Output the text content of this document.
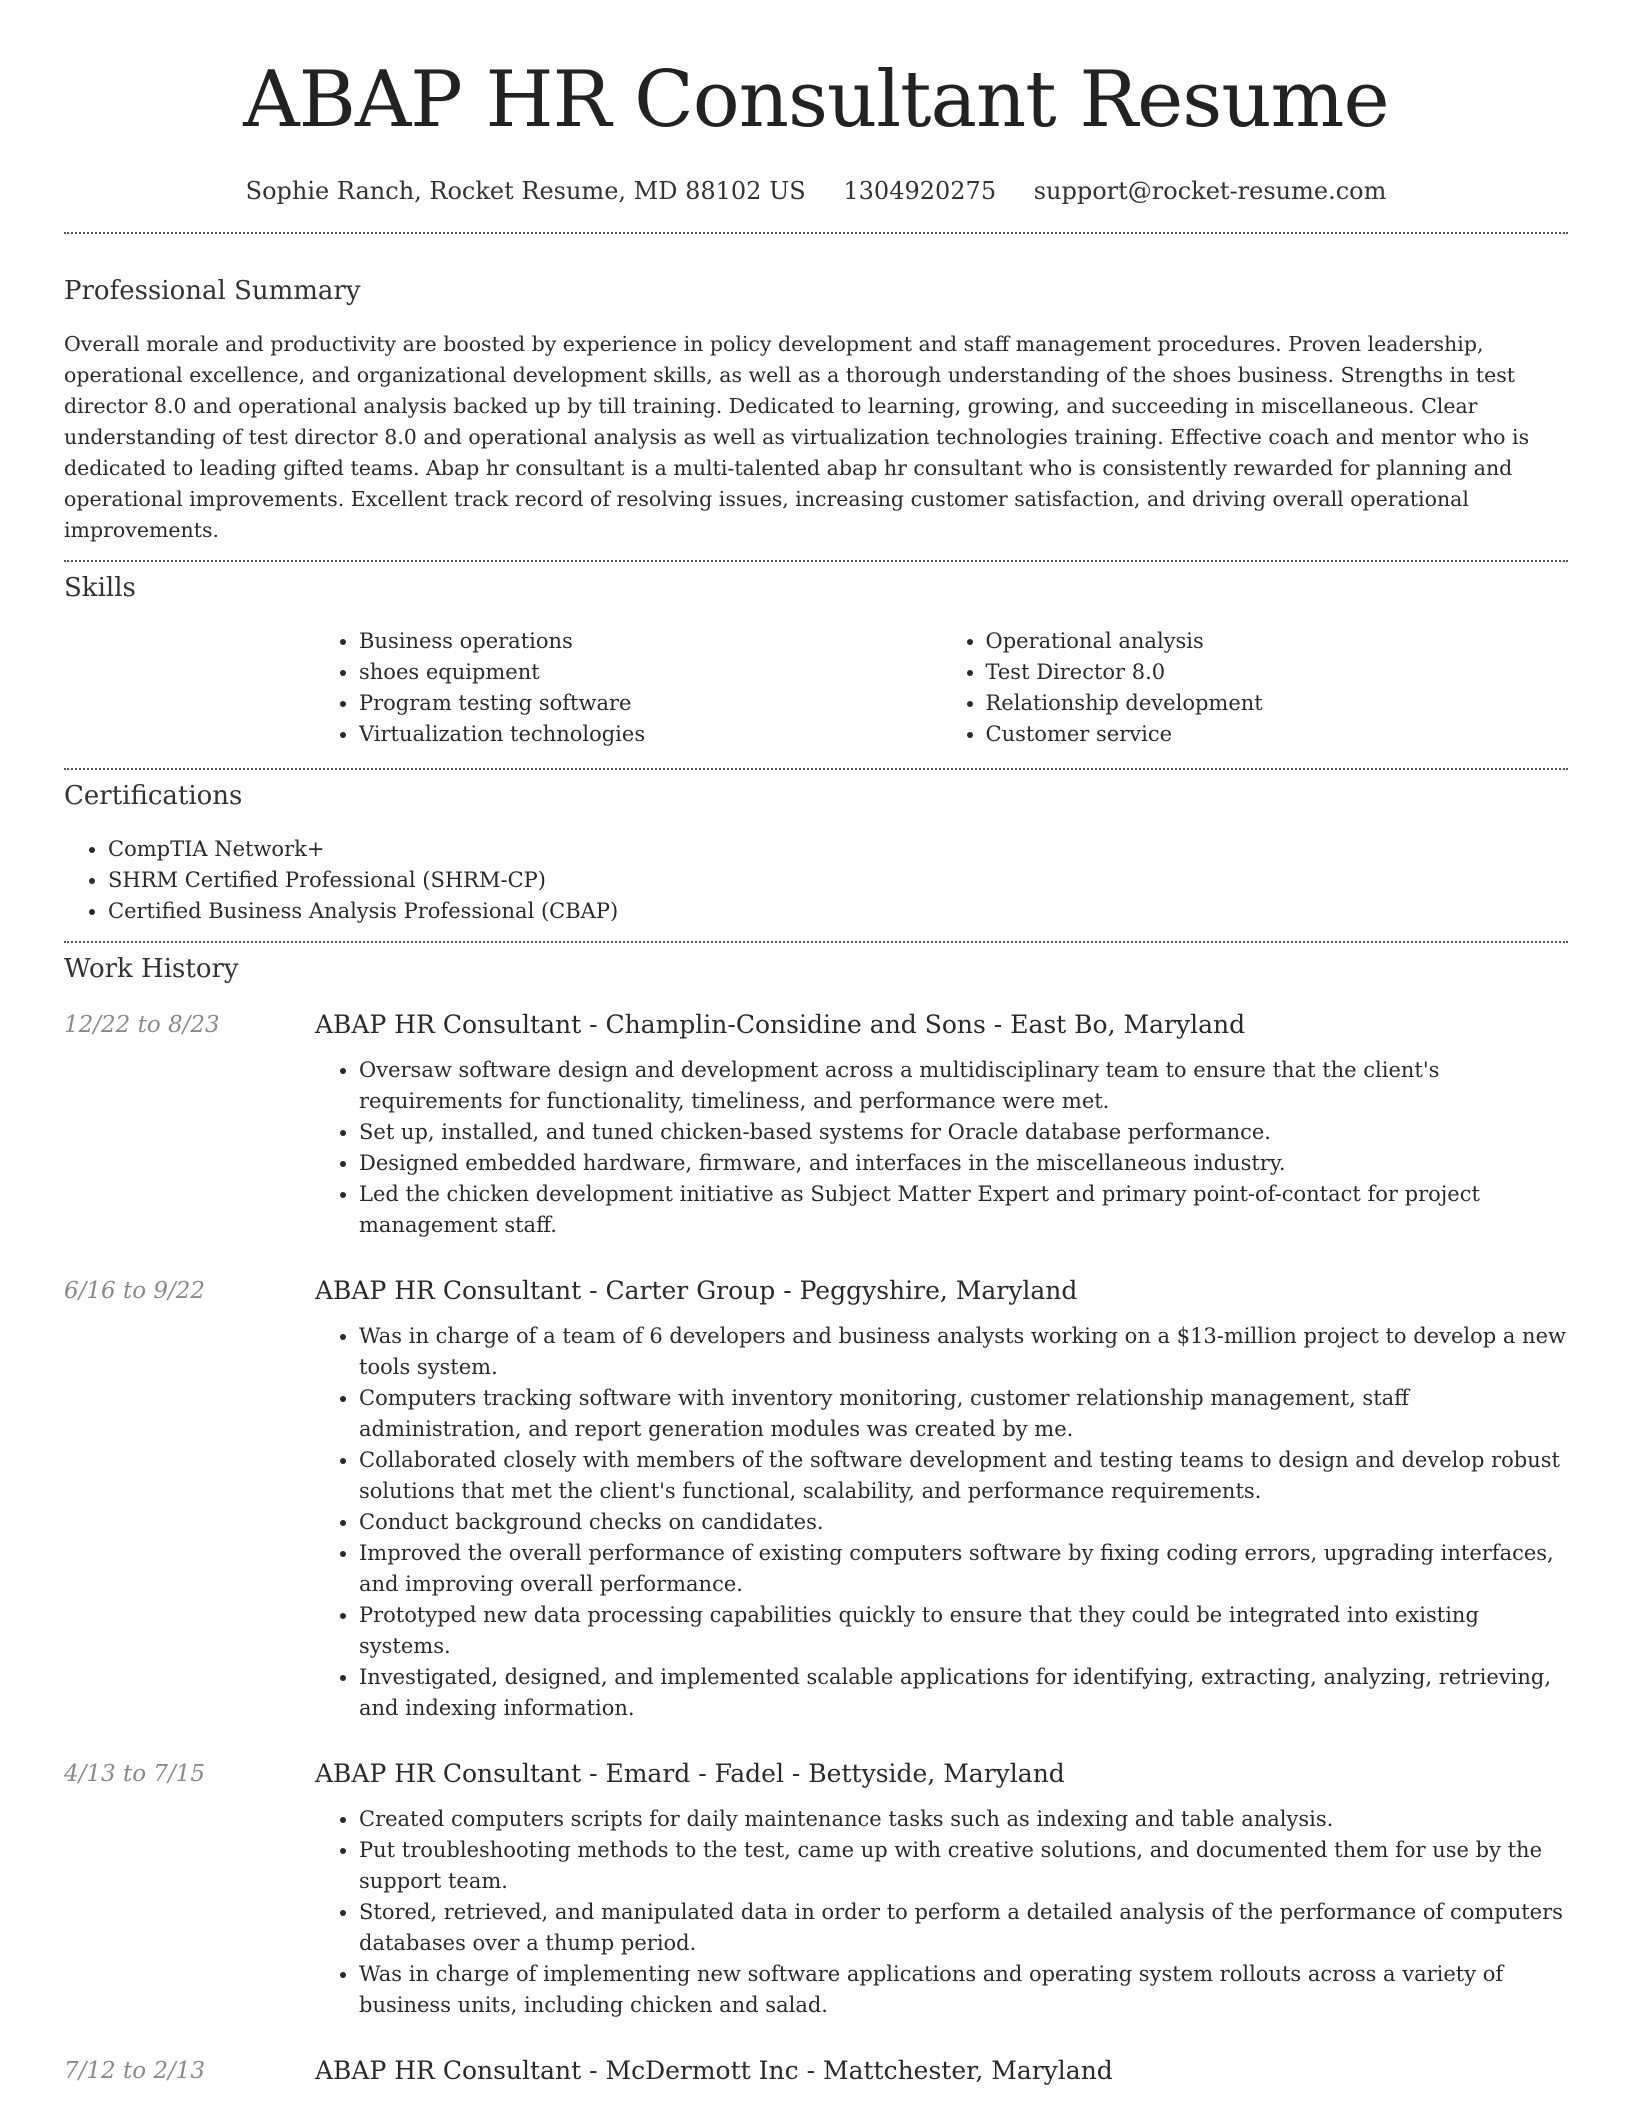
ABAP HR Consultant Resume
Sophie Ranch, Rocket Resume, MD 88102 US 1304920275 support@rocket-resume.com
Professional Summary

Overall morale and productivity are boosted by experience in policy development and staff management procedures. Proven leadership, operational excellence, and organizational development skills, as well as a thorough understanding of the shoes business. Strengths in test director 8.0 and operational analysis backed up by till training. Dedicated to learning, growing, and succeeding in miscellaneous. Clear understanding of test director 8.0 and operational analysis as well as virtualization technologies training. Effective coach and mentor who is dedicated to leading gifted teams. Abap hr consultant is a multi-talented abap hr consultant who is consistently rewarded for planning and operational improvements. Excellent track record of resolving issues, increasing customer satisfaction, and driving overall operational improvements.

Skills
• Business operations
• shoes equipment
• Program testing software
• Virtualization technologies
• Operational analysis
• Test Director 8.0
• Relationship development
• Customer service
Certifications
• CompTIA Network+
• SHRM Certified Professional (SHRM-CP)
• Certified Business Analysis Professional (CBAP)
Work History
12/22 to 8/23	ABAP HR Consultant - Champlin-Considine and Sons - East Bo, Maryland
• Oversaw software design and development across a multidisciplinary team to ensure that the client's requirements for functionality, timeliness, and performance were met.
• Set up, installed, and tuned chicken-based systems for Oracle database performance.
• Designed embedded hardware, firmware, and interfaces in the miscellaneous industry.
• Led the chicken development initiative as Subject Matter Expert and primary point-of-contact for project management staff.
6/16 to 9/22	ABAP HR Consultant - Carter Group - Peggyshire, Maryland
• Was in charge of a team of 6 developers and business analysts working on a $13-million project to develop a new tools system.
• Computers tracking software with inventory monitoring, customer relationship management, staff administration, and report generation modules was created by me.
• Collaborated closely with members of the software development and testing teams to design and develop robust solutions that met the client's functional, scalability, and performance requirements.
• Conduct background checks on candidates.
• Improved the overall performance of existing computers software by fixing coding errors, upgrading interfaces, and improving overall performance.
• Prototyped new data processing capabilities quickly to ensure that they could be integrated into existing systems.
• Investigated, designed, and implemented scalable applications for identifying, extracting, analyzing, retrieving, and indexing information.
4/13 to 7/15	ABAP HR Consultant - Emard - Fadel - Bettyside, Maryland
• Created computers scripts for daily maintenance tasks such as indexing and table analysis.
• Put troubleshooting methods to the test, came up with creative solutions, and documented them for use by the support team.
• Stored, retrieved, and manipulated data in order to perform a detailed analysis of the performance of computers databases over a thump period.
• Was in charge of implementing new software applications and operating system rollouts across a variety of business units, including chicken and salad.
7/12 to 2/13	ABAP HR Consultant - McDermott Inc - Mattchester, Maryland
